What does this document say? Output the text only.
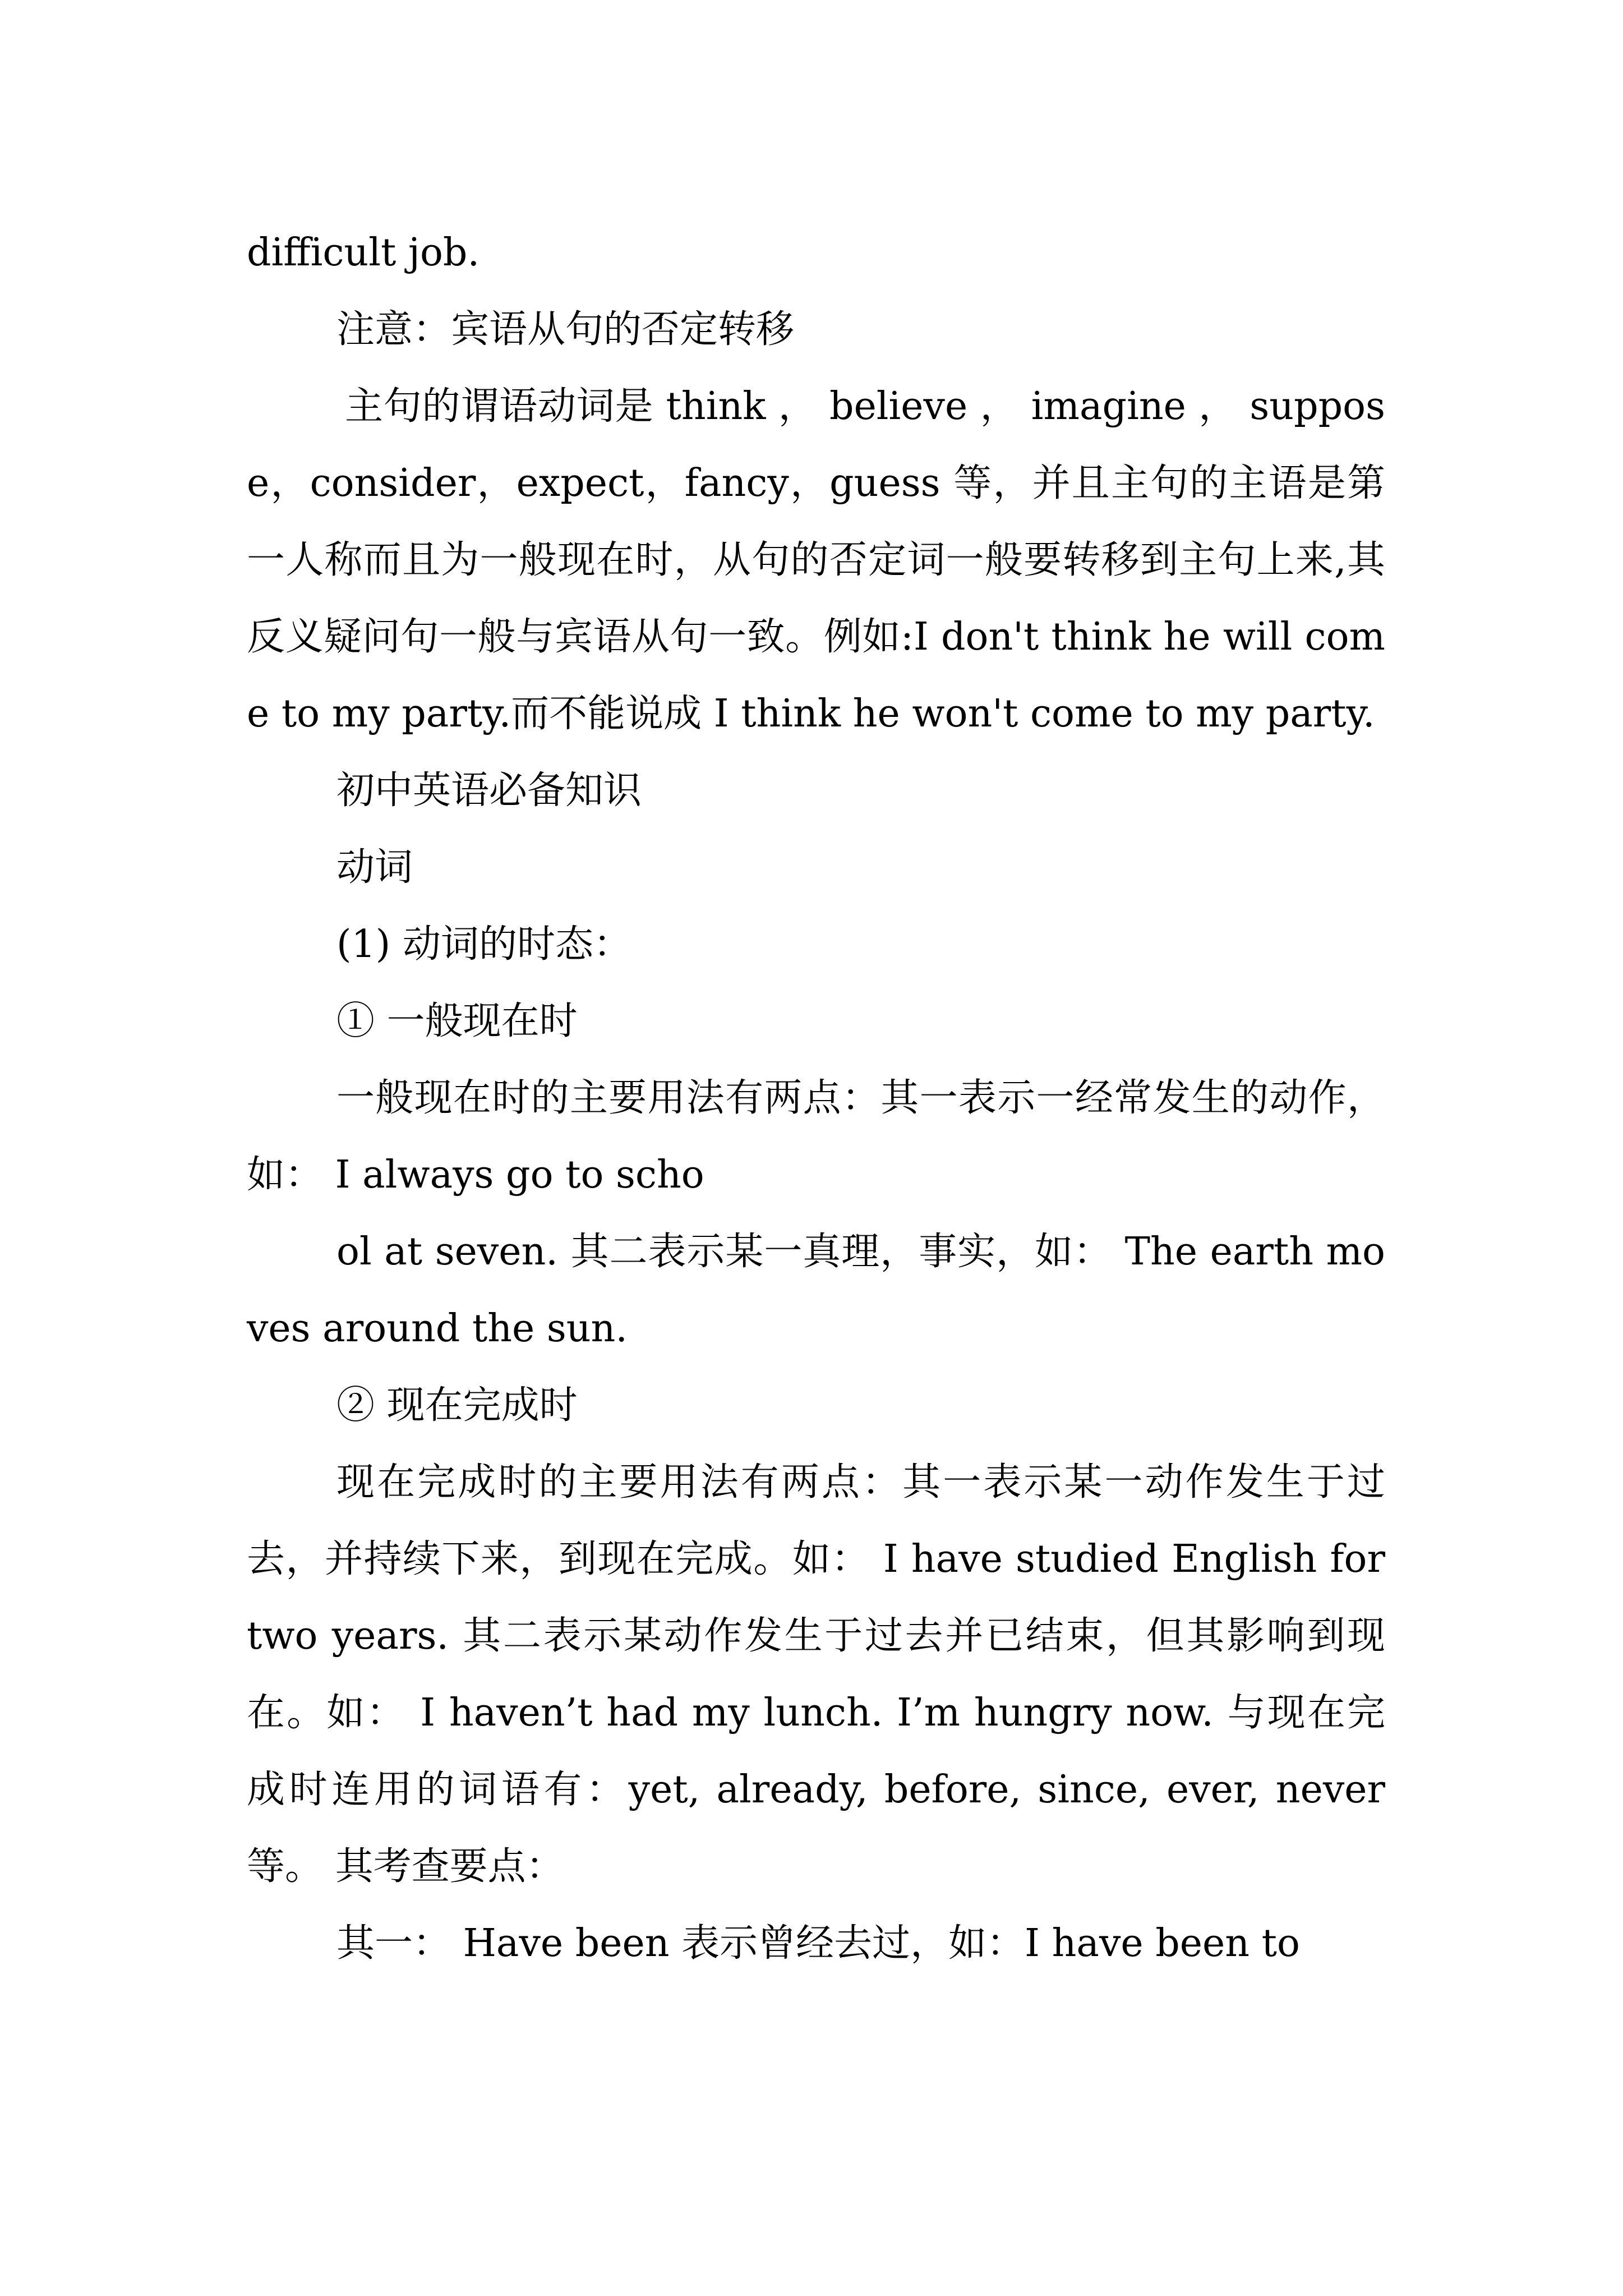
difficult job.

注意：宾语从句的否定转移

主句的谓语动词是 think ， believe ， imagine ， suppose，consider，expect，fancy，guess 等，并且主句的主语是第一人称而且为一般现在时，从句的否定词一般要转移到主句上来,其反义疑问句一般与宾语从句一致。例如:I don't think he will come to my party.而不能说成 I think he won't come to my party.

初中英语必备知识

动词

(1) 动词的时态：

① 一般现在时

一般现在时的主要用法有两点：其一表示一经常发生的动作，如： I always go to scho

ol at seven. 其二表示某一真理，事实，如： The earth moves around the sun.

② 现在完成时

现在完成时的主要用法有两点：其一表示某一动作发生于过去，并持续下来，到现在完成。如： I have studied English for two years. 其二表示某动作发生于过去并已结束，但其影响到现在。如： I haven’t had my lunch. I’m hungry now. 与现在完成时连用的词语有：yet, already, before, since, ever, never 等。 其考查要点：

其一： Have been 表示曾经去过，如：I have been to
